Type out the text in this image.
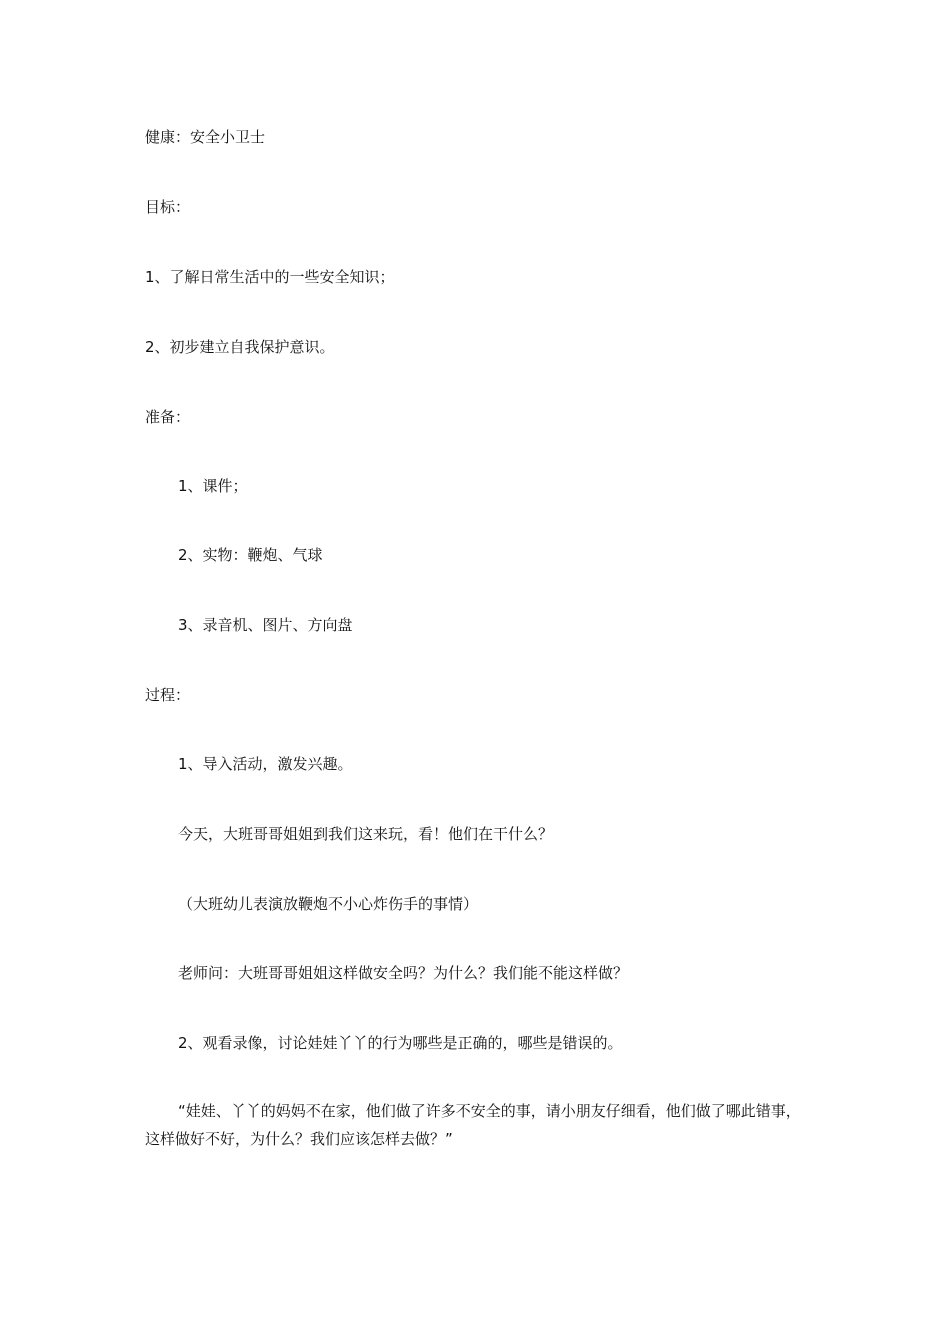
健康：安全小卫士
目标：
1、了解日常生活中的一些安全知识；
2、初步建立自我保护意识。
准备：
1、课件；
2、实物：鞭炮、气球
3、录音机、图片、方向盘
过程：
1、导入活动，激发兴趣。
今天，大班哥哥姐姐到我们这来玩，看！他们在干什么？
（大班幼儿表演放鞭炮不小心炸伤手的事情）
老师问：大班哥哥姐姐这样做安全吗？为什么？我们能不能这样做？
2、观看录像，讨论娃娃丫丫的行为哪些是正确的，哪些是错误的。
“娃娃、丫丫的妈妈不在家，他们做了许多不安全的事，请小朋友仔细看，他们做了哪此错事，这样做好不好，为什么？我们应该怎样去做？”
